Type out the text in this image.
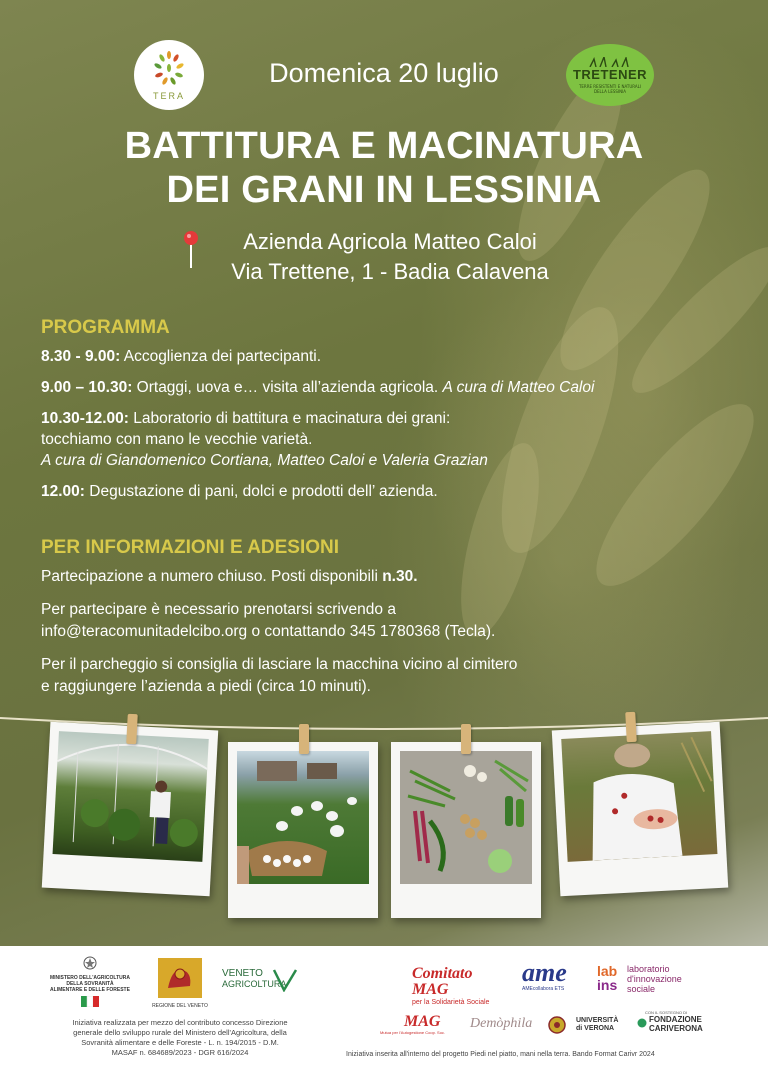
TERA
TRETENER
TERRE RESISTENTI E NATURALI DELLA LESSINIA
Domenica 20 luglio
BATTITURA E MACINATURA
DEI GRANI IN LESSINIA
Azienda Agricola Matteo Caloi
Via Trettene, 1 - Badia Calavena
PROGRAMMA
8.30 - 9.00: Accoglienza dei partecipanti.
9.00 – 10.30: Ortaggi, uova e… visita all’azienda agricola. A cura di Matteo Caloi
10.30-12.00: Laboratorio di battitura e macinatura dei grani:
tocchiamo con mano le vecchie varietà.
A cura di Giandomenico Cortiana, Matteo Caloi e Valeria Grazian
12.00: Degustazione di pani, dolci e prodotti dell’ azienda.
PER INFORMAZIONI E ADESIONI
Partecipazione a numero chiuso. Posti disponibili n.30.
Per partecipare è necessario prenotarsi scrivendo a
info@teracomunitadelcibo.org o contattando 345 1780368 (Tecla).
Per il parcheggio si consiglia di lasciare la macchina vicino al cimitero
e raggiungere l’azienda a piedi (circa 10 minuti).
MINISTERO DELL'AGRICOLTURA DELLA SOVRANITÀ ALIMENTARE E DELLE FORESTE
REGIONE DEL VENETO
VENETO
AGRICOLTURA
Iniziativa realizzata per mezzo del contributo concesso Direzione
generale dello sviluppo rurale del Ministero dell'Agricoltura, della
Sovranità alimentare e delle Foreste - L. n. 194/2015 - D.M.
MASAF n. 684689/2023 - DGR 616/2024
Comitato MAG
per la Solidarietà Sociale
ame
AMEcollabora ETS
lab
ins
laboratorio
d'innovazione
sociale
MAG
Mutua per l'Autogestione Coop. Soc.
Demòphila	UNIVERSITÀ
di VERONA
CON IL SOSTEGNO DI
FONDAZIONE
CARIVERONA
Iniziativa inserita all'interno del progetto Piedi nel piatto, mani nella terra. Bando Format Carivr 2024
